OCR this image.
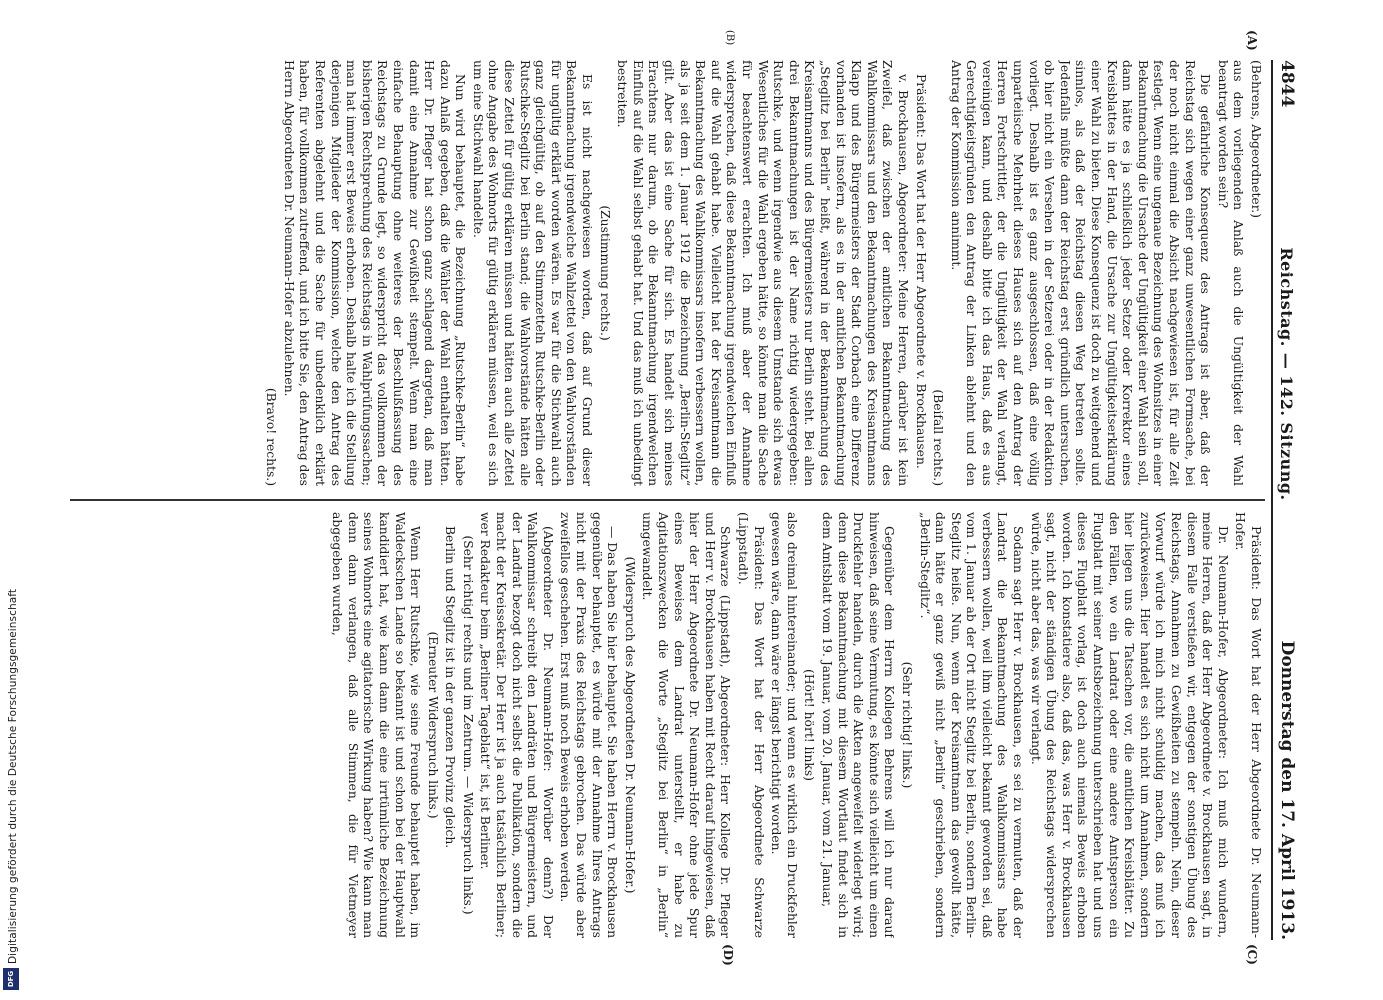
Digitalisierung gefördert durch die Deutsche Forschungsgemeinschaft
DFG
4844
Reichstag. — 142. Sitzung.
Donnerstag den 17. April 1913.
(A)
(B)
(C)
(D)

(Behrens, Abgeordneter.)

aus dem vorliegenden Anlaß auch die Ungültigkeit der Wahl beantragt worden sein?

Die gefährliche Konsequenz des Antrags ist aber, daß der Reichstag sich wegen einer ganz unwesentlichen Formsache, bei der noch nicht einmal die Absicht nachgewiesen ist, für alle Zeit festlegt. Wenn eine ungenaue Bezeichnung des Wohnsitzes in einer Bekanntmachung die Ursache der Ungültigkeit einer Wahl sein soll, dann hätte es ja schließlich jeder Setzer oder Korrektor eines Kreisblattes in der Hand, die Ursache zur Ungültigkeitserklärung einer Wahl zu bieten. Diese Konsequenz ist doch zu weitgehend und sinnlos, als daß der Reichstag diesen Weg betreten sollte. Jedenfalls müßte dann der Reichstag erst gründlich untersuchen, ob hier nicht ein Versehen in der Setzerei oder in der Redaktion vorliegt. Deshalb ist es ganz ausgeschlossen, daß eine völlig unparteiische Mehrheit dieses Hauses sich auf den Antrag der Herren Fortschrittler, der die Ungültigkeit der Wahl verlangt, vereinigen kann, und deshalb bitte ich das Haus, daß es aus Gerechtigkeitsgründen den Antrag der Linken ablehnt und den Antrag der Kommission annimmt.

(Beifall rechts.)

Präsident: Das Wort hat der Herr Abgeordnete v. Brockhausen.

v. Brockhausen, Abgeordneter: Meine Herren, darüber ist kein Zweifel, daß zwischen der amtlichen Bekanntmachung des Wahlkommissars und den Bekanntmachungen des Kreisamtmanns Klapp und des Bürgermeisters der Stadt Corbach eine Differenz vorhanden ist insofern, als es in der amtlichen Bekanntmachung „Steglitz bei Berlin“ heißt, während in der Bekanntmachung des Kreisamtmanns und des Bürgermeisters nur Berlin steht. Bei allen drei Bekanntmachungen ist der Name richtig wiedergegeben: Rutschke, und wenn irgendwie aus diesem Umstande sich etwas Wesentliches für die Wahl ergeben hätte, so könnte man die Sache für beachtenswert erachten. Ich muß aber der Annahme widersprechen, daß diese Bekanntmachung irgendwelchen Einfluß auf die Wahl gehabt habe. Vielleicht hat der Kreisamtmann die Bekanntmachung des Wahlkommissars insofern verbessern wollen, als ja seit dem 1. Januar 1912 die Bezeichnung „Berlin-Steglitz“ gilt. Aber das ist eine Sache für sich. Es handelt sich meines Erachtens nur darum, ob die Bekanntmachung irgendwelchen Einfluß auf die Wahl selbst gehabt hat. Und das muß ich unbedingt bestreiten.

(Zustimmung rechts.)

Es ist nicht nachgewiesen worden, daß auf Grund dieser Bekanntmachung irgendwelche Wahlzettel von den Wahlvorständen für ungültig erklärt worden wären. Es war für die Stichwahl auch ganz gleichgültig, ob auf den Stimmzetteln Rutschke-Berlin oder Rutschke-Steglitz bei Berlin stand; die Wahlvorstände hätten alle diese Zettel für gültig erklären müssen und hätten auch alle Zettel ohne Angabe des Wohnorts für gültig erklären müssen, weil es sich um eine Stichwahl handelte.

Nun wird behauptet, die Bezeichnung „Rutschke-Berlin“ habe dazu Anlaß gegeben, daß die Wähler der Wahl enthalten hätten. Herr Dr. Pfleger hat schon ganz schlagend dargetan, daß man damit eine Annahme zur Gewißheit stempelt. Wenn man eine einfache Behauptung ohne weiteres der Beschlußfassung des Reichstags zu Grunde legt, so widerspricht das vollkommen der bisherigen Rechtsprechung des Reichstags in Wahlprüfungssachen; man hat immer erst Beweis erhoben. Deshalb halte ich die Stellung derjenigen Mitglieder der Kommission, welche den Antrag des Referenten abgelehnt und die Sache für unbedenklich erklärt haben, für vollkommen zutreffend, und ich bitte Sie, den Antrag des Herrn Abgeordneten Dr. Neumann-Hofer abzulehnen.

(Bravo! rechts.)

Präsident: Das Wort hat der Herr Abgeordnete Dr. Neumann-Hofer.

Dr. Neumann-Hofer, Abgeordneter: Ich muß mich wundern, meine Herren, daß der Herr Abgeordnete v. Brockhausen sagt, in diesem Falle verstießen wir, entgegen der sonstigen Übung des Reichstags, Annahmen zu Gewißheiten zu stempeln. Nein, dieser Vorwurf würde ich mich nicht schuldig machen, das muß ich zurückweisen. Hier handelt es sich nicht um Annahmen, sondern hier liegen uns die Tatsachen vor, die amtlichen Kreisblätter. Zu den Fällen, wo ein Landrat oder eine andere Amtsperson ein Flugblatt mit seiner Amtsbezeichnung unterschrieben hat und uns dieses Flugblatt vorlag, ist doch auch niemals Beweis erhoben worden. Ich konstatiere also, daß das, was Herr v. Brockhausen sagt, nicht der ständigen Übung des Reichstags widersprechen würde, nicht aber das, was wir verlangt.

Sodann sagt Herr v. Brockhausen, es sei zu vermuten, daß der Landrat die Bekanntmachung des Wahlkommissars habe verbessern wollen, weil ihm vielleicht bekannt geworden sei, daß vom 1. Januar ab der Ort nicht Steglitz bei Berlin, sondern Berlin-Steglitz heiße. Nun, wenn der Kreisamtmann das gewollt hätte, dann hätte er ganz gewiß nicht „Berlin“ geschrieben, sondern „Berlin-Steglitz“.

(Sehr richtig! links.)

Gegenüber dem Herrn Kollegen Behrens will ich nur darauf hinweisen, daß seine Vermutung, es könnte sich vielleicht um einen Druckfehler handeln, durch die Akten angeweifelt widerlegt wird; denn diese Bekanntmachung mit diesem Wortlaut findet sich in dem Amtsblatt vom 19. Januar, vom 20. Januar, vom 21. Januar,

(Hört! hört! links)

also dreimal hintereinander; und wenn es wirklich ein Druckfehler gewesen wäre, dann wäre er längst berichtigt worden.

Präsident: Das Wort hat der Herr Abgeordnete Schwarze (Lippstadt).

Schwarze (Lippstadt), Abgeordneter: Herr Kollege Dr. Pfleger und Herr v. Brockhausen haben mit Recht darauf hingewiesen, daß hier der Herr Abgeordnete Dr. Neumann-Hofer ohne jede Spur eines Beweises dem Landrat unterstellt, er habe zu Agitationszwecken die Worte „Steglitz bei Berlin“ in „Berlin“ umgewandelt.

(Widerspruch des Abgeordneten Dr. Neumann-Hofer.)

— Das haben Sie hier behauptet. Sie haben Herrn v. Brockhausen gegenüber behauptet, es würde mit der Annahme Ihres Antrags nicht mit der Praxis des Reichstags gebrochen. Das würde aber zweifellos geschehen. Erst muß noch Beweis erhoben werden.

(Abgeordneter Dr. Neumann-Hofer: Worüber denn?) Der Wahlkommissar schreibt den Landräten und Bürgermeistern, und der Landrat bezogt doch nicht selbst die Publikation, sondern die macht der Kreissekretär. Der Herr ist ja auch tatsächlich Berliner; wer Redakteur beim „Berliner Tageblatt“ ist, ist Berliner.

(Sehr richtig! rechts und im Zentrum. — Widerspruch links.)

Berlin und Steglitz ist in der ganzen Provinz gleich.

(Erneuter Widerspruch links.)

Wenn Herr Rutschke, wie seine Freunde behauptet haben, im Waldeckschen Lande so bekannt ist und schon bei der Hauptwahl kandidiert hat, wie kann dann die eine irrtümliche Bezeichnung seines Wohnorts eine agitatorische Wirkung haben? Wie kann man denn dann verlangen, daß alle Stimmen, die für Vietmeyer abgegeben wurden,
